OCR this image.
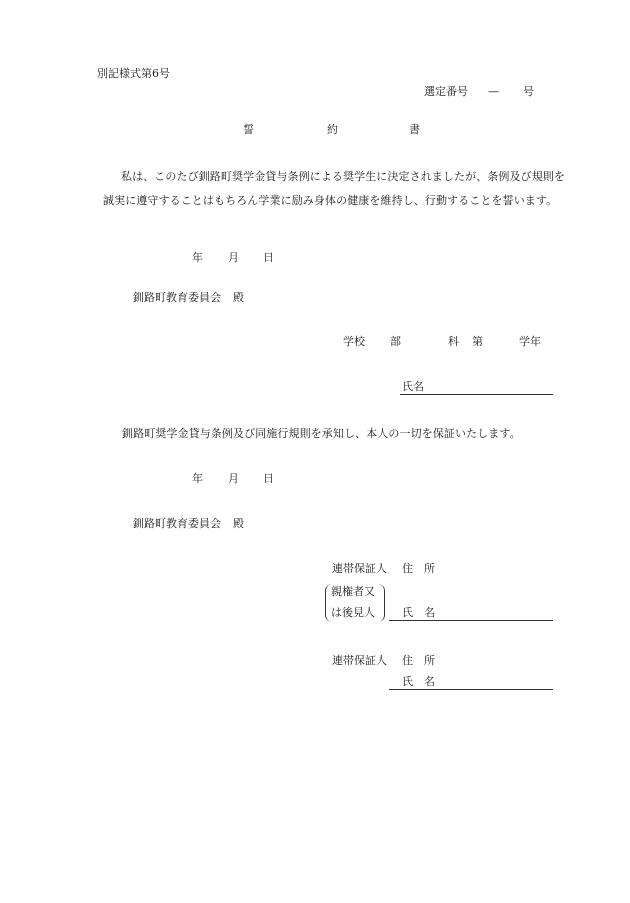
別記様式第6号
選定番号 — 号
誓	約	書

私は、このたび釧路町奨学金貸与条例による奨学生に決定されましたが、条例及び規則を誠実に遵守することはもちろん学業に励み身体の健康を維持し、行動することを誓います。

年 月 日
釧路町教育委員会 殿
学校 部	科 第	学年
氏名
釧路町奨学金貸与条例及び同施行規則を承知し、本人の一切を保証いたします。
年 月 日
釧路町教育委員会 殿
連帯保証人 住　所
親権者又
は後見人 氏　名
連帯保証人 住　所
氏　名
